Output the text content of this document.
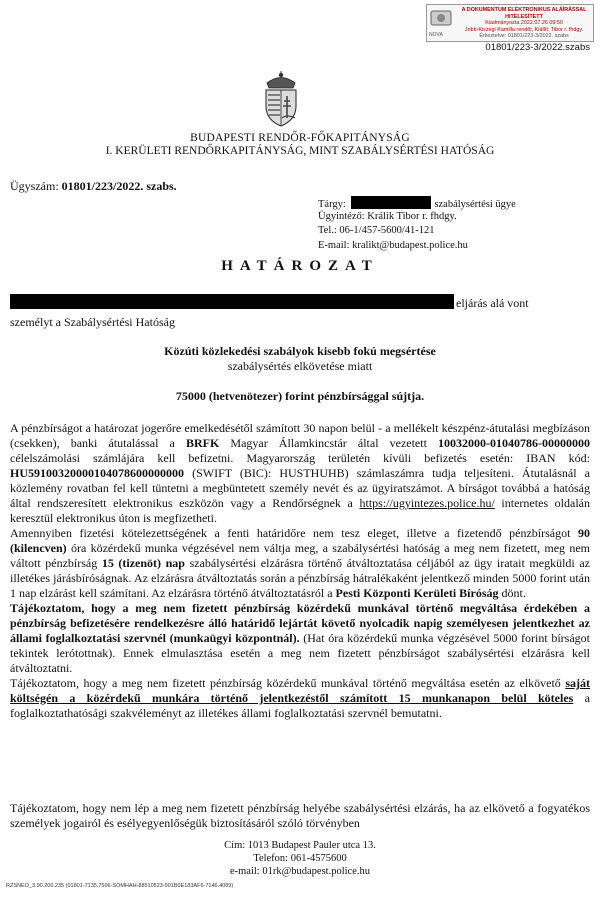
NOVA
A DOKUMENTUM ELEKTRONIKUS ALÁÍRÁSSAL HITELESÍTETT
Kiadmányozta 2022.07.26 09:50
Jobb-Kiszegi Kamilla rendőr, Kiállít: Tibor r. fhdgy.
Érkeztetve: 01801/223-3/2022. szabs
01801/223-3/2022.szabs
BUDAPESTI RENDŐR-FŐKAPITÁNYSÁG
I. KERÜLETI RENDŐRKAPITÁNYSÁG, MINT SZABÁLYSÉRTÉSI HATÓSÁG
Ügyszám: 01801/223/2022. szabs.
Tárgy:	szabálysértési ügye
Ügyintéző: Králik Tibor r. fhdgy.
Tel.: 06-1/457-5600/41-121
E-mail: kralikt@budapest.police.hu
HATÁROZAT
eljárás alá vont
személyt a Szabálysértési Hatóság
Közúti közlekedési szabályok kisebb fokú megsértése
szabálysértés elkövetése miatt
75000 (hetvenötezer) forint pénzbírsággal sújtja.

A pénzbírságot a határozat jogerőre emelkedésétől számított 30 napon belül - a mellékelt készpénz-átutalási megbízáson (csekken), banki átutalással a BRFK Magyar Államkincstár által vezetett 10032000-01040786-00000000 célelszámolási számlájára kell befizetni. Magyarország területén kívüli befizetés esetén: IBAN kód: HU59100320000104078600000000 (SWIFT (BIC): HUSTHUHB) számlaszámra tudja teljesíteni. Átutalásnál a közlemény rovatban fel kell tüntetni a megbüntetett személy nevét és az ügyiratszámot. A bírságot továbbá a hatóság által rendszeresített elektronikus eszközön vagy a Rendőrségnek a https://ugyintezes.police.hu/ internetes oldalán keresztül elektronikus úton is megfizetheti.

Amennyiben fizetési kötelezettségének a fenti határidőre nem tesz eleget, illetve a fizetendő pénzbírságot 90 (kilencven) óra közérdekű munka végzésével nem váltja meg, a szabálysértési hatóság a meg nem fizetett, meg nem váltott pénzbírság 15 (tizenöt) nap szabálysértési elzárásra történő átváltoztatása céljából az ügy iratait megküldi az illetékes járásbíróságnak. Az elzárásra átváltoztatás során a pénzbírság hátralékaként jelentkező minden 5000 forint után 1 nap elzárást kell számítani. Az elzárásra történő átváltoztatásról a Pesti Központi Kerületi Bíróság dönt.

Tájékoztatom, hogy a meg nem fizetett pénzbírság közérdekű munkával történő megváltása érdekében a pénzbírság befizetésére rendelkezésre álló határidő lejártát követő nyolcadik napig személyesen jelentkezhet az állami foglalkoztatási szervnél (munkaügyi központnál). (Hat óra közérdekű munka végzésével 5000 forint bírságot tekintek lerótottnak). Ennek elmulasztása esetén a meg nem fizetett pénzbírságot szabálysértési elzárásra kell átváltoztatni.

Tájékoztatom, hogy a meg nem fizetett pénzbírság közérdekű munkával történő megváltása esetén az elkövető saját költségén a közérdekű munkára történő jelentkezéstől számított 15 munkanapon belül köteles a foglalkoztathatósági szakvéleményt az illetékes állami foglalkoztatási szervnél bemutatni.

Tájékoztatom, hogy nem lép a meg nem fizetett pénzbírság helyébe szabálysértési elzárás, ha az elkövető a fogyatékos személyek jogairól és esélyegyenlőségük biztosításáról szóló törvényben
Cím: 1013 Budapest Pauler utca 13.
Telefon: 061-4575600
e-mail: 01rk@budapest.police.hu
RZSNEO_3.90.200.235 (01801-7135.7506-SOMHAH-88510523-901B0E183AF6-7146.4089)
